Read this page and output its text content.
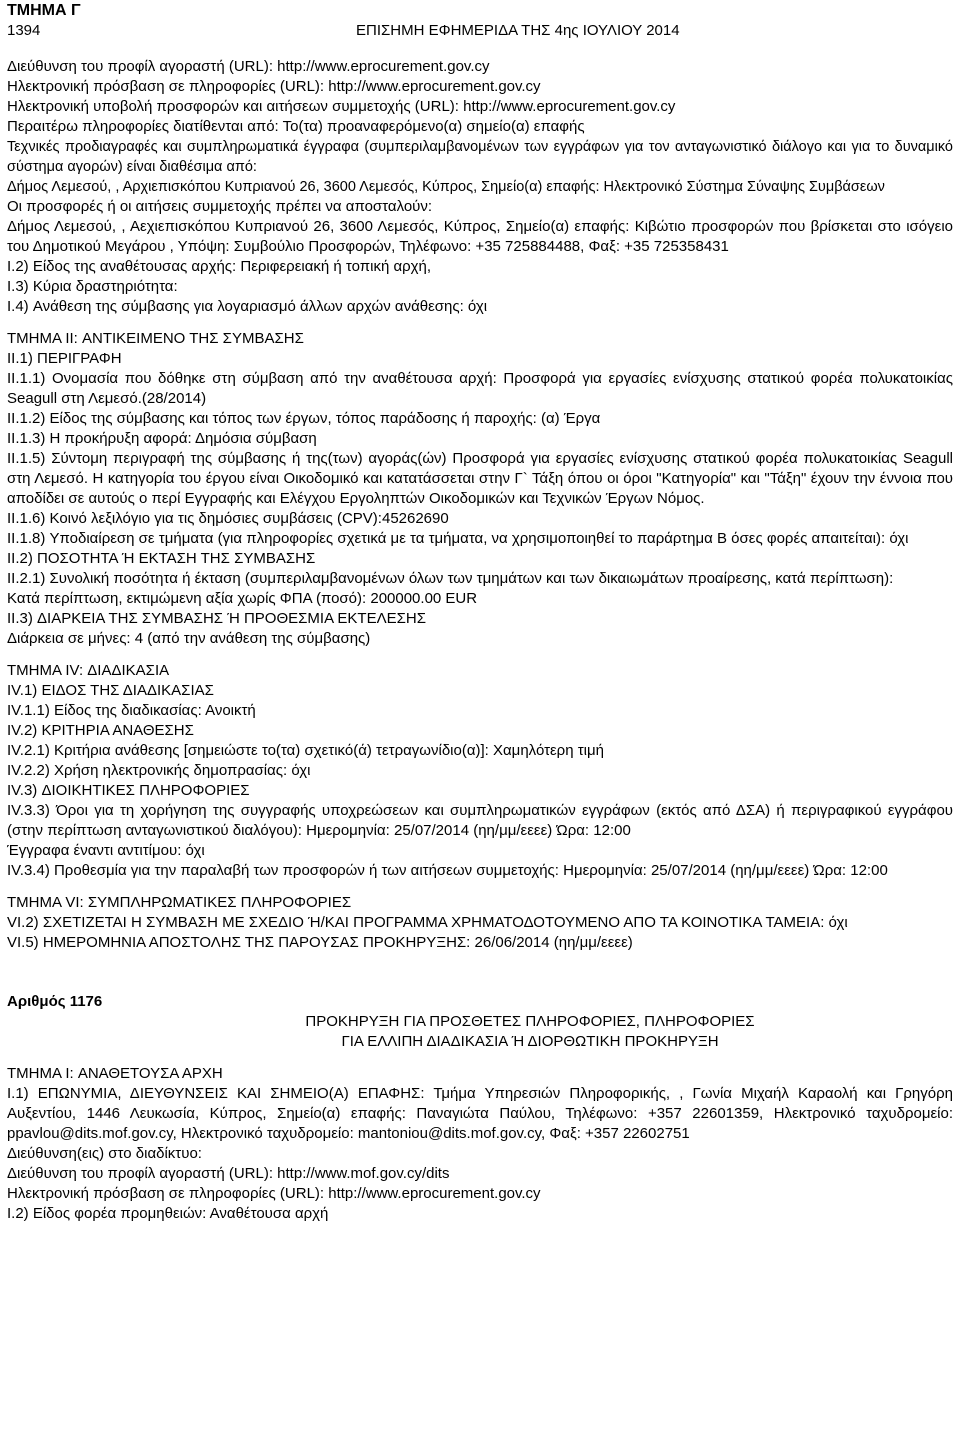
ΤΜΗΜΑ Γ
1394	ΕΠΙΣΗΜΗ ΕΦΗΜΕΡΙΔΑ ΤΗΣ 4ης ΙΟΥΛΙΟΥ 2014

Διεύθυνση του προφίλ αγοραστή (URL): http://www.eprocurement.gov.cy

Ηλεκτρονική πρόσβαση σε πληροφορίες (URL): http://www.eprocurement.gov.cy

Ηλεκτρονική υποβολή προσφορών και αιτήσεων συμμετοχής (URL): http://www.eprocurement.gov.cy

Περαιτέρω πληροφορίες διατίθενται από: Το(τα) προαναφερόμενο(α) σημείο(α) επαφής

Τεχνικές προδιαγραφές και συμπληρωματικά έγγραφα (συμπεριλαμβανομένων των εγγράφων για τον ανταγωνιστικό διάλογο και για το δυναμικό σύστημα αγορών) είναι διαθέσιμα από:

Δήμος Λεμεσού, , Αρχιεπισκόπου Κυπριανού 26, 3600 Λεμεσός, Κύπρος, Σημείο(α) επαφής: Ηλεκτρονικό Σύστημα Σύναψης Συμβάσεων

Οι προσφορές ή οι αιτήσεις συμμετοχής πρέπει να αποσταλούν:

Δήμος Λεμεσού, , Αεχιεπισκόπου Κυπριανού 26, 3600 Λεμεσός, Κύπρος, Σημείο(α) επαφής: Κιβώτιο προσφορών που βρίσκεται στο ισόγειο του Δημοτικού Μεγάρου , Υπόψη: Συμβούλιο Προσφορών, Τηλέφωνο: +35 725884488, Φαξ: +35 725358431

I.2) Είδος της αναθέτουσας αρχής: Περιφερειακή ή τοπική αρχή,

I.3) Κύρια δραστηριότητα:

I.4) Ανάθεση της σύμβασης για λογαριασμό άλλων αρχών ανάθεσης: όχι

ΤΜΗΜΑ II: ΑΝΤΙΚΕΙΜΕΝΟ ΤΗΣ ΣΥΜΒΑΣΗΣ

II.1) ΠΕΡΙΓΡΑΦΗ

II.1.1) Ονομασία που δόθηκε στη σύμβαση από την αναθέτουσα αρχή: Προσφορά για εργασίες ενίσχυσης στατικού φορέα πολυκατοικίας Seagull στη Λεμεσό.(28/2014)

II.1.2) Είδος της σύμβασης και τόπος των έργων, τόπος παράδοσης ή παροχής: (α) Έργα

II.1.3) Η προκήρυξη αφορά: Δημόσια σύμβαση

II.1.5) Σύντομη περιγραφή της σύμβασης ή της(των) αγοράς(ών) Προσφορά για εργασίες ενίσχυσης στατικού φορέα πολυκατοικίας Seagull στη Λεμεσό. Η κατηγορία του έργου είναι Οικοδομικό και κατατάσσεται στην Γ` Τάξη όπου οι όροι "Κατηγορία" και "Τάξη" έχουν την έννοια που αποδίδει σε αυτούς ο περί Εγγραφής και Ελέγχου Εργοληπτών Οικοδομικών και Τεχνικών Έργων Νόμος.

II.1.6) Κοινό λεξιλόγιο για τις δημόσιες συμβάσεις (CPV):45262690

II.1.8) Υποδιαίρεση σε τμήματα (για πληροφορίες σχετικά με τα τμήματα, να χρησιμοποιηθεί το παράρτημα Β όσες φορές απαιτείται): όχι

II.2) ΠΟΣΟΤΗΤΑ Ή ΕΚΤΑΣΗ ΤΗΣ ΣΥΜΒΑΣΗΣ

II.2.1) Συνολική ποσότητα ή έκταση (συμπεριλαμβανομένων όλων των τμημάτων και των δικαιωμάτων προαίρεσης, κατά περίπτωση):

Κατά περίπτωση, εκτιμώμενη αξία χωρίς ΦΠΑ (ποσό): 200000.00 EUR

II.3) ΔΙΑΡΚΕΙΑ ΤΗΣ ΣΥΜΒΑΣΗΣ Ή ΠΡΟΘΕΣΜΙΑ ΕΚΤΕΛΕΣΗΣ

Διάρκεια σε μήνες: 4 (από την ανάθεση της σύμβασης)

ΤΜΗΜΑ IV: ΔΙΑΔΙΚΑΣΙΑ

IV.1) ΕΙΔΟΣ ΤΗΣ ΔΙΑΔΙΚΑΣΙΑΣ

IV.1.1) Είδος της διαδικασίας: Ανοικτή

IV.2) ΚΡΙΤΗΡΙΑ ΑΝΑΘΕΣΗΣ

IV.2.1) Κριτήρια ανάθεσης [σημειώστε το(τα) σχετικό(ά) τετραγωνίδιο(α)]: Χαμηλότερη τιμή

IV.2.2) Χρήση ηλεκτρονικής δημοπρασίας: όχι

IV.3) ΔΙΟΙΚΗΤΙΚΕΣ ΠΛΗΡΟΦΟΡΙΕΣ

IV.3.3) Όροι για τη χορήγηση της συγγραφής υποχρεώσεων και συμπληρωματικών εγγράφων (εκτός από ΔΣΑ) ή περιγραφικού εγγράφου (στην περίπτωση ανταγωνιστικού διαλόγου): Ημερομηνία: 25/07/2014 (ηη/μμ/εεεε) Ώρα: 12:00

Έγγραφα έναντι αντιτίμου: όχι

IV.3.4) Προθεσμία για την παραλαβή των προσφορών ή των αιτήσεων συμμετοχής: Ημερομηνία: 25/07/2014 (ηη/μμ/εεεε) Ώρα: 12:00

ΤΜΗΜΑ VI: ΣΥΜΠΛΗΡΩΜΑΤΙΚΕΣ ΠΛΗΡΟΦΟΡΙΕΣ

VI.2) ΣΧΕΤΙΖΕΤΑΙ Η ΣΥΜΒΑΣΗ ΜΕ ΣΧΕΔΙΟ Ή/ΚΑΙ ΠΡΟΓΡΑΜΜΑ ΧΡΗΜΑΤΟΔΟΤΟΥΜΕΝΟ ΑΠΟ ΤΑ ΚΟΙΝΟΤΙΚΑ ΤΑΜΕΙΑ: όχι

VI.5) ΗΜΕΡΟΜΗΝΙΑ ΑΠΟΣΤΟΛΗΣ ΤΗΣ ΠΑΡΟΥΣΑΣ ΠΡΟΚΗΡΥΞΗΣ: 26/06/2014 (ηη/μμ/εεεε)

Αριθμός 1176

ΠΡΟΚΗΡΥΞΗ ΓΙΑ ΠΡΟΣΘΕΤΕΣ ΠΛΗΡΟΦΟΡΙΕΣ, ΠΛΗΡΟΦΟΡΙΕΣ

ΓΙΑ ΕΛΛΙΠΗ ΔΙΑΔΙΚΑΣΙΑ Ή ΔΙΟΡΘΩΤΙΚΗ ΠΡΟΚΗΡΥΞΗ

ΤΜΗΜΑ I: ΑΝΑΘΕΤΟΥΣΑ ΑΡΧΗ

I.1) ΕΠΩΝΥΜΙΑ, ΔΙΕΥΘΥΝΣΕΙΣ ΚΑΙ ΣΗΜΕΙΟ(Α) ΕΠΑΦΗΣ: Τμήμα Υπηρεσιών Πληροφορικής, , Γωνία Μιχαήλ Καραολή και Γρηγόρη Αυξεντίου, 1446 Λευκωσία, Κύπρος, Σημείο(α) επαφής: Παναγιώτα Παύλου, Τηλέφωνο: +357 22601359, Ηλεκτρονικό ταχυδρομείο: ppavlou@dits.mof.gov.cy, Ηλεκτρονικό ταχυδρομείο: mantoniou@dits.mof.gov.cy, Φαξ: +357 22602751

Διεύθυνση(εις) στο διαδίκτυο:

Διεύθυνση του προφίλ αγοραστή (URL): http://www.mof.gov.cy/dits

Ηλεκτρονική πρόσβαση σε πληροφορίες (URL): http://www.eprocurement.gov.cy

I.2) Είδος φορέα προμηθειών: Αναθέτουσα αρχή
